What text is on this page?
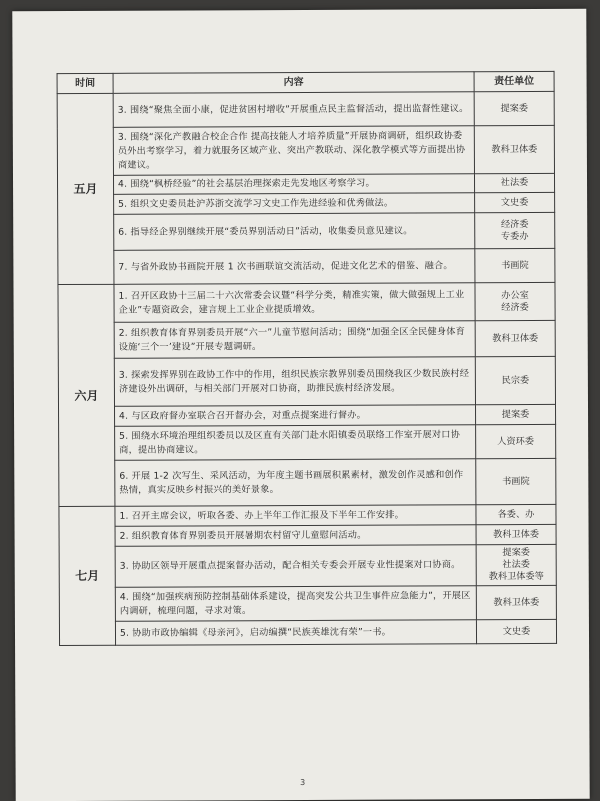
时间	内容	责任单位
五月	3. 围绕“聚焦全面小康，促进贫困村增收”开展重点民主监督活动，提出监督性建议。	提案委

	3. 围绕“深化产教融合校企合作 提高技能人才培养质量”开展协商调研，组织政协委员外出考察学习，着力就服务区域产业、突出产教联动、深化教学模式等方面提出协商建议。	教科卫体委

	4. 围绕“枫桥经验”的社会基层治理探索走先发地区考察学习。	社法委

	5. 组织文史委员赴沪苏浙交流学习文史工作先进经验和优秀做法。	文史委

	6. 指导经企界别继续开展“委员界别活动日”活动，收集委员意见建议。	经济委
专委办

	7. 与省外政协书画院开展 1 次书画联谊交流活动，促进文化艺术的借鉴、融合。	书画院

六月	1. 召开区政协十三届二十六次常委会议暨“科学分类，精准实策，做大做强规上工业企业”专题资政会，建言规上工业企业提质增效。	办公室
经济委

	2. 组织教育体育界别委员开展“六一”儿童节慰问活动；围绕“加强全区全民健身体育设施‘三个一’建设”开展专题调研。	教科卫体委

	3. 探索发挥界别在政协工作中的作用，组织民族宗教界别委员围绕我区少数民族村经济建设外出调研，与相关部门开展对口协商，助推民族村经济发展。	民宗委

	4. 与区政府督办室联合召开督办会，对重点提案进行督办。	提案委

	5. 围绕水环境治理组织委员以及区直有关部门赴水阳镇委员联络工作室开展对口协商，提出协商建议。	人资环委

	6. 开展 1-2 次写生、采风活动，为年度主题书画展积累素材，激发创作灵感和创作热情，真实反映乡村振兴的美好景象。	书画院

七月	1. 召开主席会议，听取各委、办上半年工作汇报及下半年工作安排。	各委、办

	2. 组织教育体育界别委员开展暑期农村留守儿童慰问活动。	教科卫体委

	3. 协助区领导开展重点提案督办活动，配合相关专委会开展专业性提案对口协商。	提案委
社法委
教科卫体委等

	4. 围绕“加强疾病预防控制基础体系建设，提高突发公共卫生事件应急能力”，开展区内调研，梳理问题，寻求对策。	教科卫体委

	5. 协助市政协编辑《母亲河》，启动编撰“民族英雄沈有荣”一书。	文史委
3
